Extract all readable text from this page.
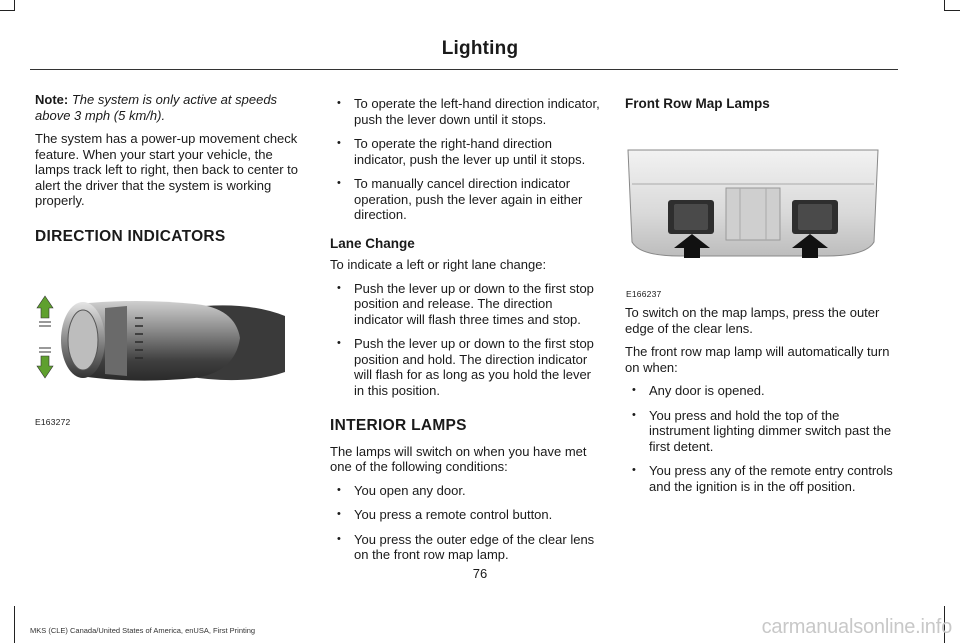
Lighting

Note: The system is only active at speeds above 3 mph (5 km/h).

The system has a power-up movement check feature. When your start your vehicle, the lamps track left to right, then back to center to alert the driver that the system is working properly.

DIRECTION INDICATORS
E163272
• To operate the left-hand direction indicator, push the lever down until it stops.
• To operate the right-hand direction indicator, push the lever up until it stops.
• To manually cancel direction indicator operation, push the lever again in either direction.
Lane Change

To indicate a left or right lane change:

• Push the lever up or down to the first stop position and release. The direction indicator will flash three times and stop.
• Push the lever up or down to the first stop position and hold. The direction indicator will flash for as long as you hold the lever in this position.
INTERIOR LAMPS

The lamps will switch on when you have met one of the following conditions:

• You open any door.
• You press a remote control button.
• You press the outer edge of the clear lens on the front row map lamp.
Front Row Map Lamps
E166237

To switch on the map lamps, press the outer edge of the clear lens.

The front row map lamp will automatically turn on when:

• Any door is opened.
• You press and hold the top of the instrument lighting dimmer switch past the first detent.
• You press any of the remote entry controls and the ignition is in the off position.
76
MKS (CLE) Canada/United States of America, enUSA, First Printing	carmanualsonline.info
